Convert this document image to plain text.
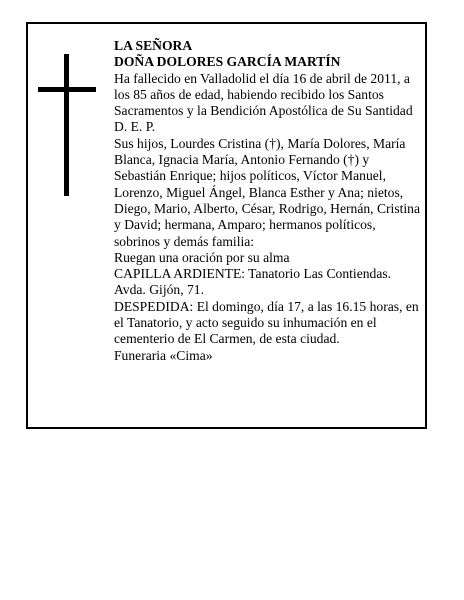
LA SEÑORA

DOÑA DOLORES GARCÍA MARTÍN

Ha fallecido en Valladolid el día 16 de abril de 2011, a los 85 años de edad, habiendo recibido los Santos Sacramentos y la Bendición Apostólica de Su Santidad D. E. P.

Sus hijos, Lourdes Cristina (†), María Dolores, María Blanca, Ignacia María, Antonio Fernando (†) y Sebastián Enrique; hijos políticos, Víctor Manuel, Lorenzo, Miguel Ángel, Blanca Esther y Ana; nietos, Diego, Mario, Alberto, César, Rodrigo, Hernán, Cristina y David; hermana, Amparo; hermanos políticos, sobrinos y demás familia:

Ruegan una oración por su alma

CAPILLA ARDIENTE: Tanatorio Las Contiendas. Avda. Gijón, 71.

DESPEDIDA: El domingo, día 17, a las 16.15 horas, en el Tanatorio, y acto seguido su inhumación en el cementerio de El Carmen, de esta ciudad.

Funeraria «Cima»
